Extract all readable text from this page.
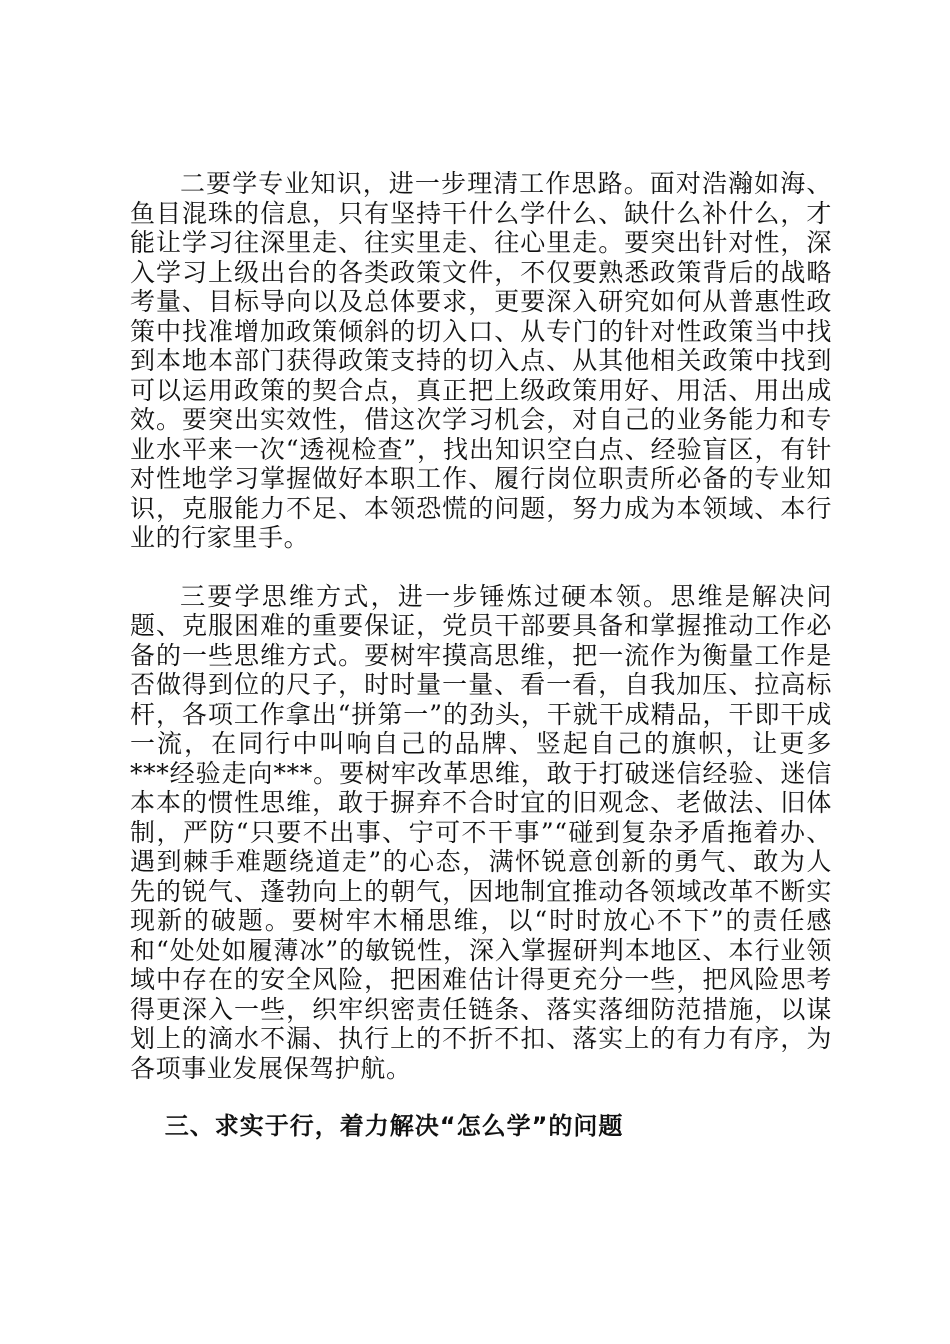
二要学专业知识，进一步理清工作思路。面对浩瀚如海、鱼目混珠的信息，只有坚持干什么学什么、缺什么补什么，才能让学习往深里走、往实里走、往心里走。要突出针对性，深入学习上级出台的各类政策文件，不仅要熟悉政策背后的战略考量、目标导向以及总体要求，更要深入研究如何从普惠性政策中找准增加政策倾斜的切入口、从专门的针对性政策当中找到本地本部门获得政策支持的切入点、从其他相关政策中找到可以运用政策的契合点，真正把上级政策用好、用活、用出成效。要突出实效性，借这次学习机会，对自己的业务能力和专业水平来一次“透视检查”，找出知识空白点、经验盲区，有针对性地学习掌握做好本职工作、履行岗位职责所必备的专业知识，克服能力不足、本领恐慌的问题，努力成为本领域、本行业的行家里手。

三要学思维方式，进一步锤炼过硬本领。思维是解决问题、克服困难的重要保证，党员干部要具备和掌握推动工作必备的一些思维方式。要树牢摸高思维，把一流作为衡量工作是否做得到位的尺子，时时量一量、看一看，自我加压、拉高标杆，各项工作拿出“拼第一”的劲头，干就干成精品，干即干成一流，在同行中叫响自己的品牌、竖起自己的旗帜，让更多***经验走向***。要树牢改革思维，敢于打破迷信经验、迷信本本的惯性思维，敢于摒弃不合时宜的旧观念、老做法、旧体制，严防“只要不出事、宁可不干事”“碰到复杂矛盾拖着办、遇到棘手难题绕道走”的心态，满怀锐意创新的勇气、敢为人先的锐气、蓬勃向上的朝气，因地制宜推动各领域改革不断实现新的破题。要树牢木桶思维，以“时时放心不下”的责任感和“处处如履薄冰”的敏锐性，深入掌握研判本地区、本行业领域中存在的安全风险，把困难估计得更充分一些，把风险思考得更深入一些，织牢织密责任链条、落实落细防范措施，以谋划上的滴水不漏、执行上的不折不扣、落实上的有力有序，为各项事业发展保驾护航。

三、求实于行，着力解决“怎么学”的问题
